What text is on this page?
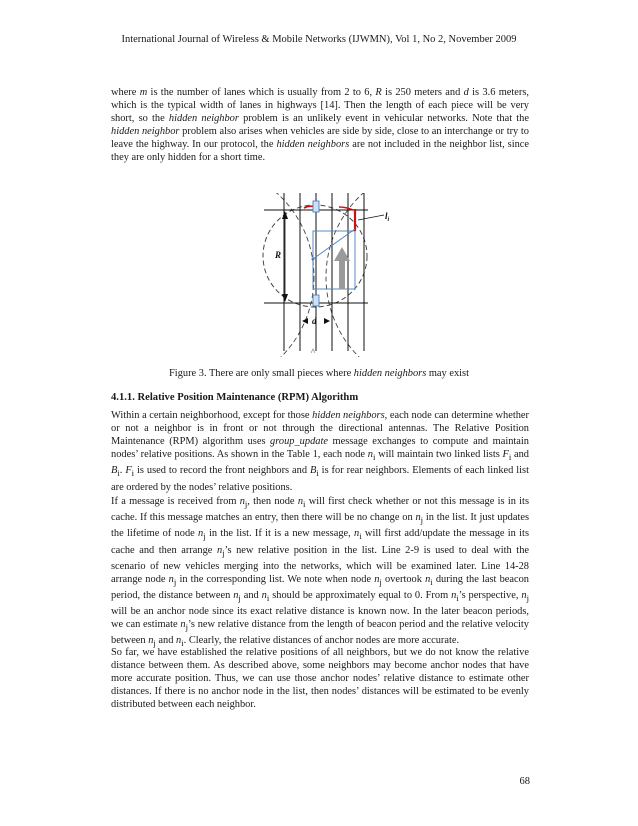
International Journal of Wireless & Mobile Networks (IJWMN), Vol 1, No 2, November 2009

where m is the number of lanes which is usually from 2 to 6, R is 250 meters and d is 3.6 meters, which is the typical width of lanes in highways [14]. Then the length of each piece will be very short, so the hidden neighbor problem is an unlikely event in vehicular networks. Note that the hidden neighbor problem also arises when vehicles are side by side, close to an interchange or try to leave the highway. In our protocol, the hidden neighbors are not included in the neighbor list, since they are only hidden for a short time.

$l_i$
R
d
Figure 3. There are only small pieces where hidden neighbors may exist
4.1.1. Relative Position Maintenance (RPM) Algorithm

Within a certain neighborhood, except for those hidden neighbors, each node can determine whether or not a neighbor is in front or not through the directional antennas. The Relative Position Maintenance (RPM) algorithm uses group_update message exchanges to compute and maintain nodes’ relative positions. As shown in the Table 1, each node $n_i$ will maintain two linked lists $F_i$ and $B_i$. $F_i$ is used to record the front neighbors and $B_i$ is for rear neighbors. Elements of each linked list are ordered by the nodes’ relative positions.

If a message is received from $n_j$, then node $n_i$ will first check whether or not this message is in its cache. If this message matches an entry, then there will be no change on $n_j$ in the list. It just updates the lifetime of node $n_j$ in the list. If it is a new message, $n_i$ will first add/update the message in its cache and then arrange $n_j’s$ new relative position in the list. Line 2-9 is used to deal with the scenario of new vehicles merging into the networks, which will be examined later. Line 14-28 arrange node $n_j$ in the corresponding list. We note when node $n_j$ overtook $n_i$ during the last beacon period, the distance between $n_j$ and $n_i$ should be approximately equal to 0. From $n_i’s$ perspective, $n_j$ will be an anchor node since its exact relative distance is known now. In the later beacon periods, we can estimate $n_j’s$ new relative distance from the length of beacon period and the relative velocity between $n_j$ and $n_i$. Clearly, the relative distances of anchor nodes are more accurate.

So far, we have established the relative positions of all neighbors, but we do not know the relative distance between them. As described above, some neighbors may become anchor nodes that have more accurate position. Thus, we can use those anchor nodes’ relative distance to estimate other distances. If there is no anchor node in the list, then nodes’ distances will be estimated to be evenly distributed between each neighbor.

68
